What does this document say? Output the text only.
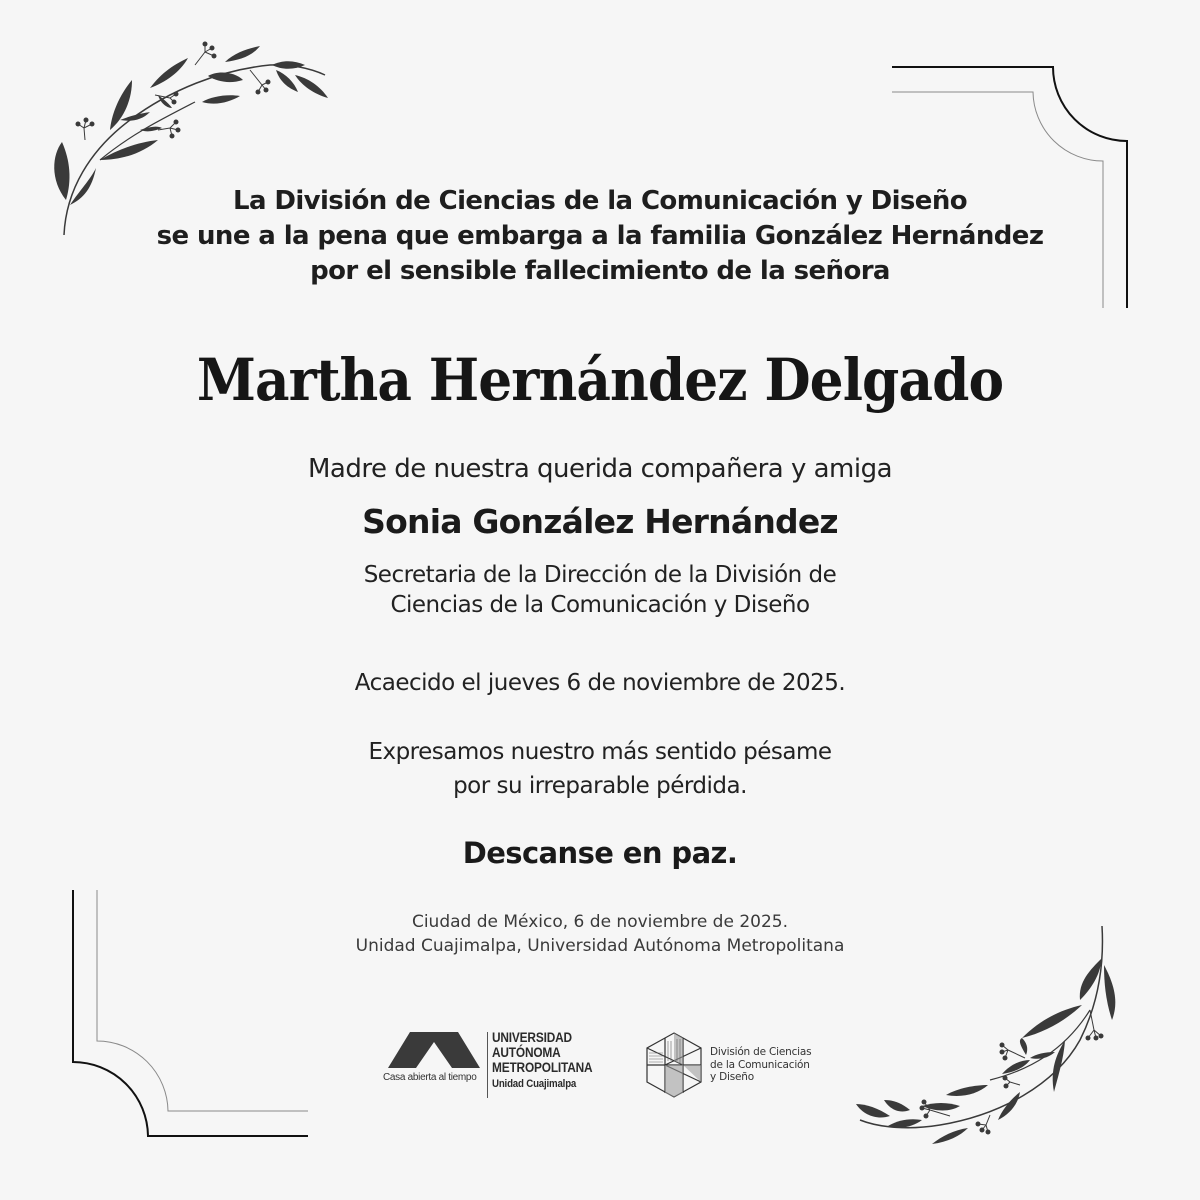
La División de Ciencias de la Comunicación y Diseño
se une a la pena que embarga a la familia González Hernández
por el sensible fallecimiento de la señora
Martha Hernández Delgado
Madre de nuestra querida compañera y amiga
Sonia González Hernández
Secretaria de la Dirección de la División de
Ciencias de la Comunicación y Diseño
Acaecido el jueves 6 de noviembre de 2025.
Expresamos nuestro más sentido pésame
por su irreparable pérdida.
Descanse en paz.
Ciudad de México, 6 de noviembre de 2025.
Unidad Cuajimalpa, Universidad Autónoma Metropolitana
Casa abierta al tiempo
UNIVERSIDAD
AUTÓNOMA
METROPOLITANA
Unidad Cuajimalpa
División de Ciencias
de la Comunicación
y Diseño
